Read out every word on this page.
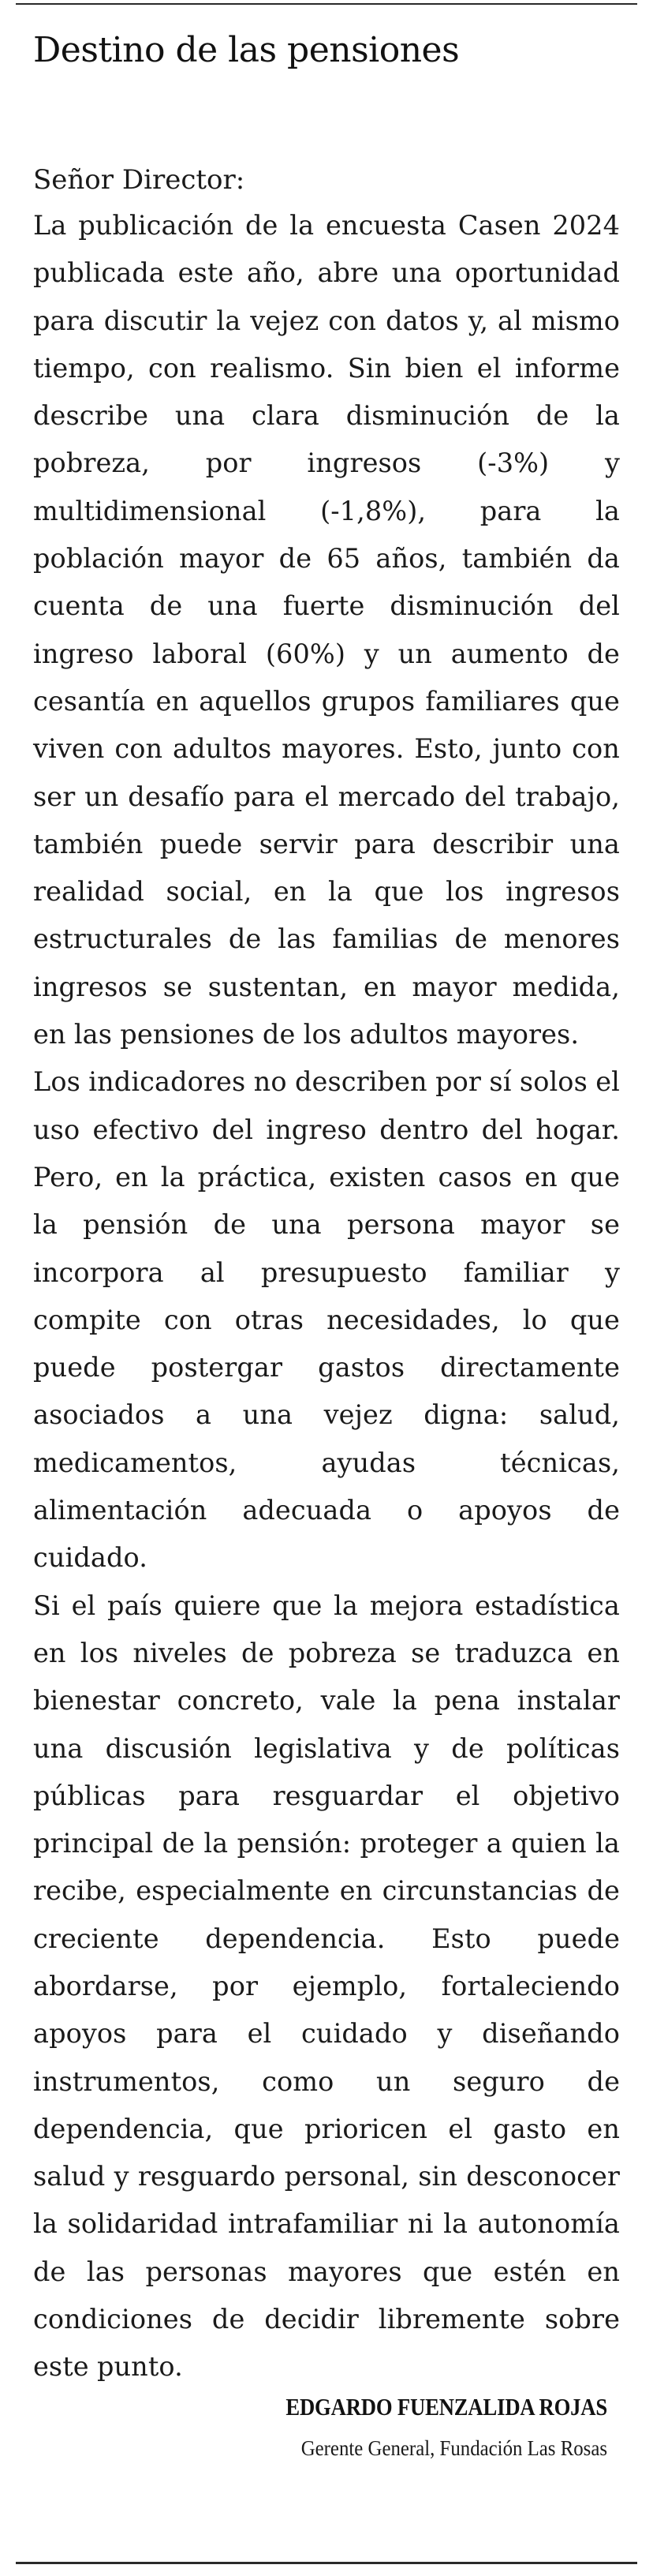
Destino de las pensiones

Señor Director:

La publicación de la encuesta Casen 2024 publicada este año, abre una oportunidad para discutir la vejez con datos y, al mismo tiempo, con realismo. Sin bien el informe describe una clara disminución de la pobreza, por ingresos (-3%) y multidimensional (-1,8%), para la población mayor de 65 años, también da cuenta de una fuerte disminución del ingreso laboral (60%) y un aumento de cesantía en aquellos grupos familiares que viven con adultos mayores. Esto, junto con ser un desafío para el mercado del trabajo, también puede servir para describir una realidad social, en la que los ingresos estructurales de las familias de menores ingresos se sustentan, en mayor medida, en las pensiones de los adultos mayores.

Los indicadores no describen por sí solos el uso efectivo del ingreso dentro del hogar. Pero, en la práctica, existen casos en que la pensión de una persona mayor se incorpora al presupuesto familiar y compite con otras necesidades, lo que puede postergar gastos directamente asociados a una vejez digna: salud, medicamentos, ayudas técnicas, alimentación adecuada o apoyos de cuidado.

Si el país quiere que la mejora estadística en los niveles de pobreza se traduzca en bienestar concreto, vale la pena instalar una discusión legislativa y de políticas públicas para resguardar el objetivo principal de la pensión: proteger a quien la recibe, especialmente en circunstancias de creciente dependencia. Esto puede abordarse, por ejemplo, fortaleciendo apoyos para el cuidado y diseñando instrumentos, como un seguro de dependencia, que prioricen el gasto en salud y resguardo personal, sin desconocer la solidaridad intrafamiliar ni la autonomía de las personas mayores que estén en condiciones de decidir libremente sobre este punto.

EDGARDO FUENZALIDA ROJAS
Gerente General, Fundación Las Rosas
